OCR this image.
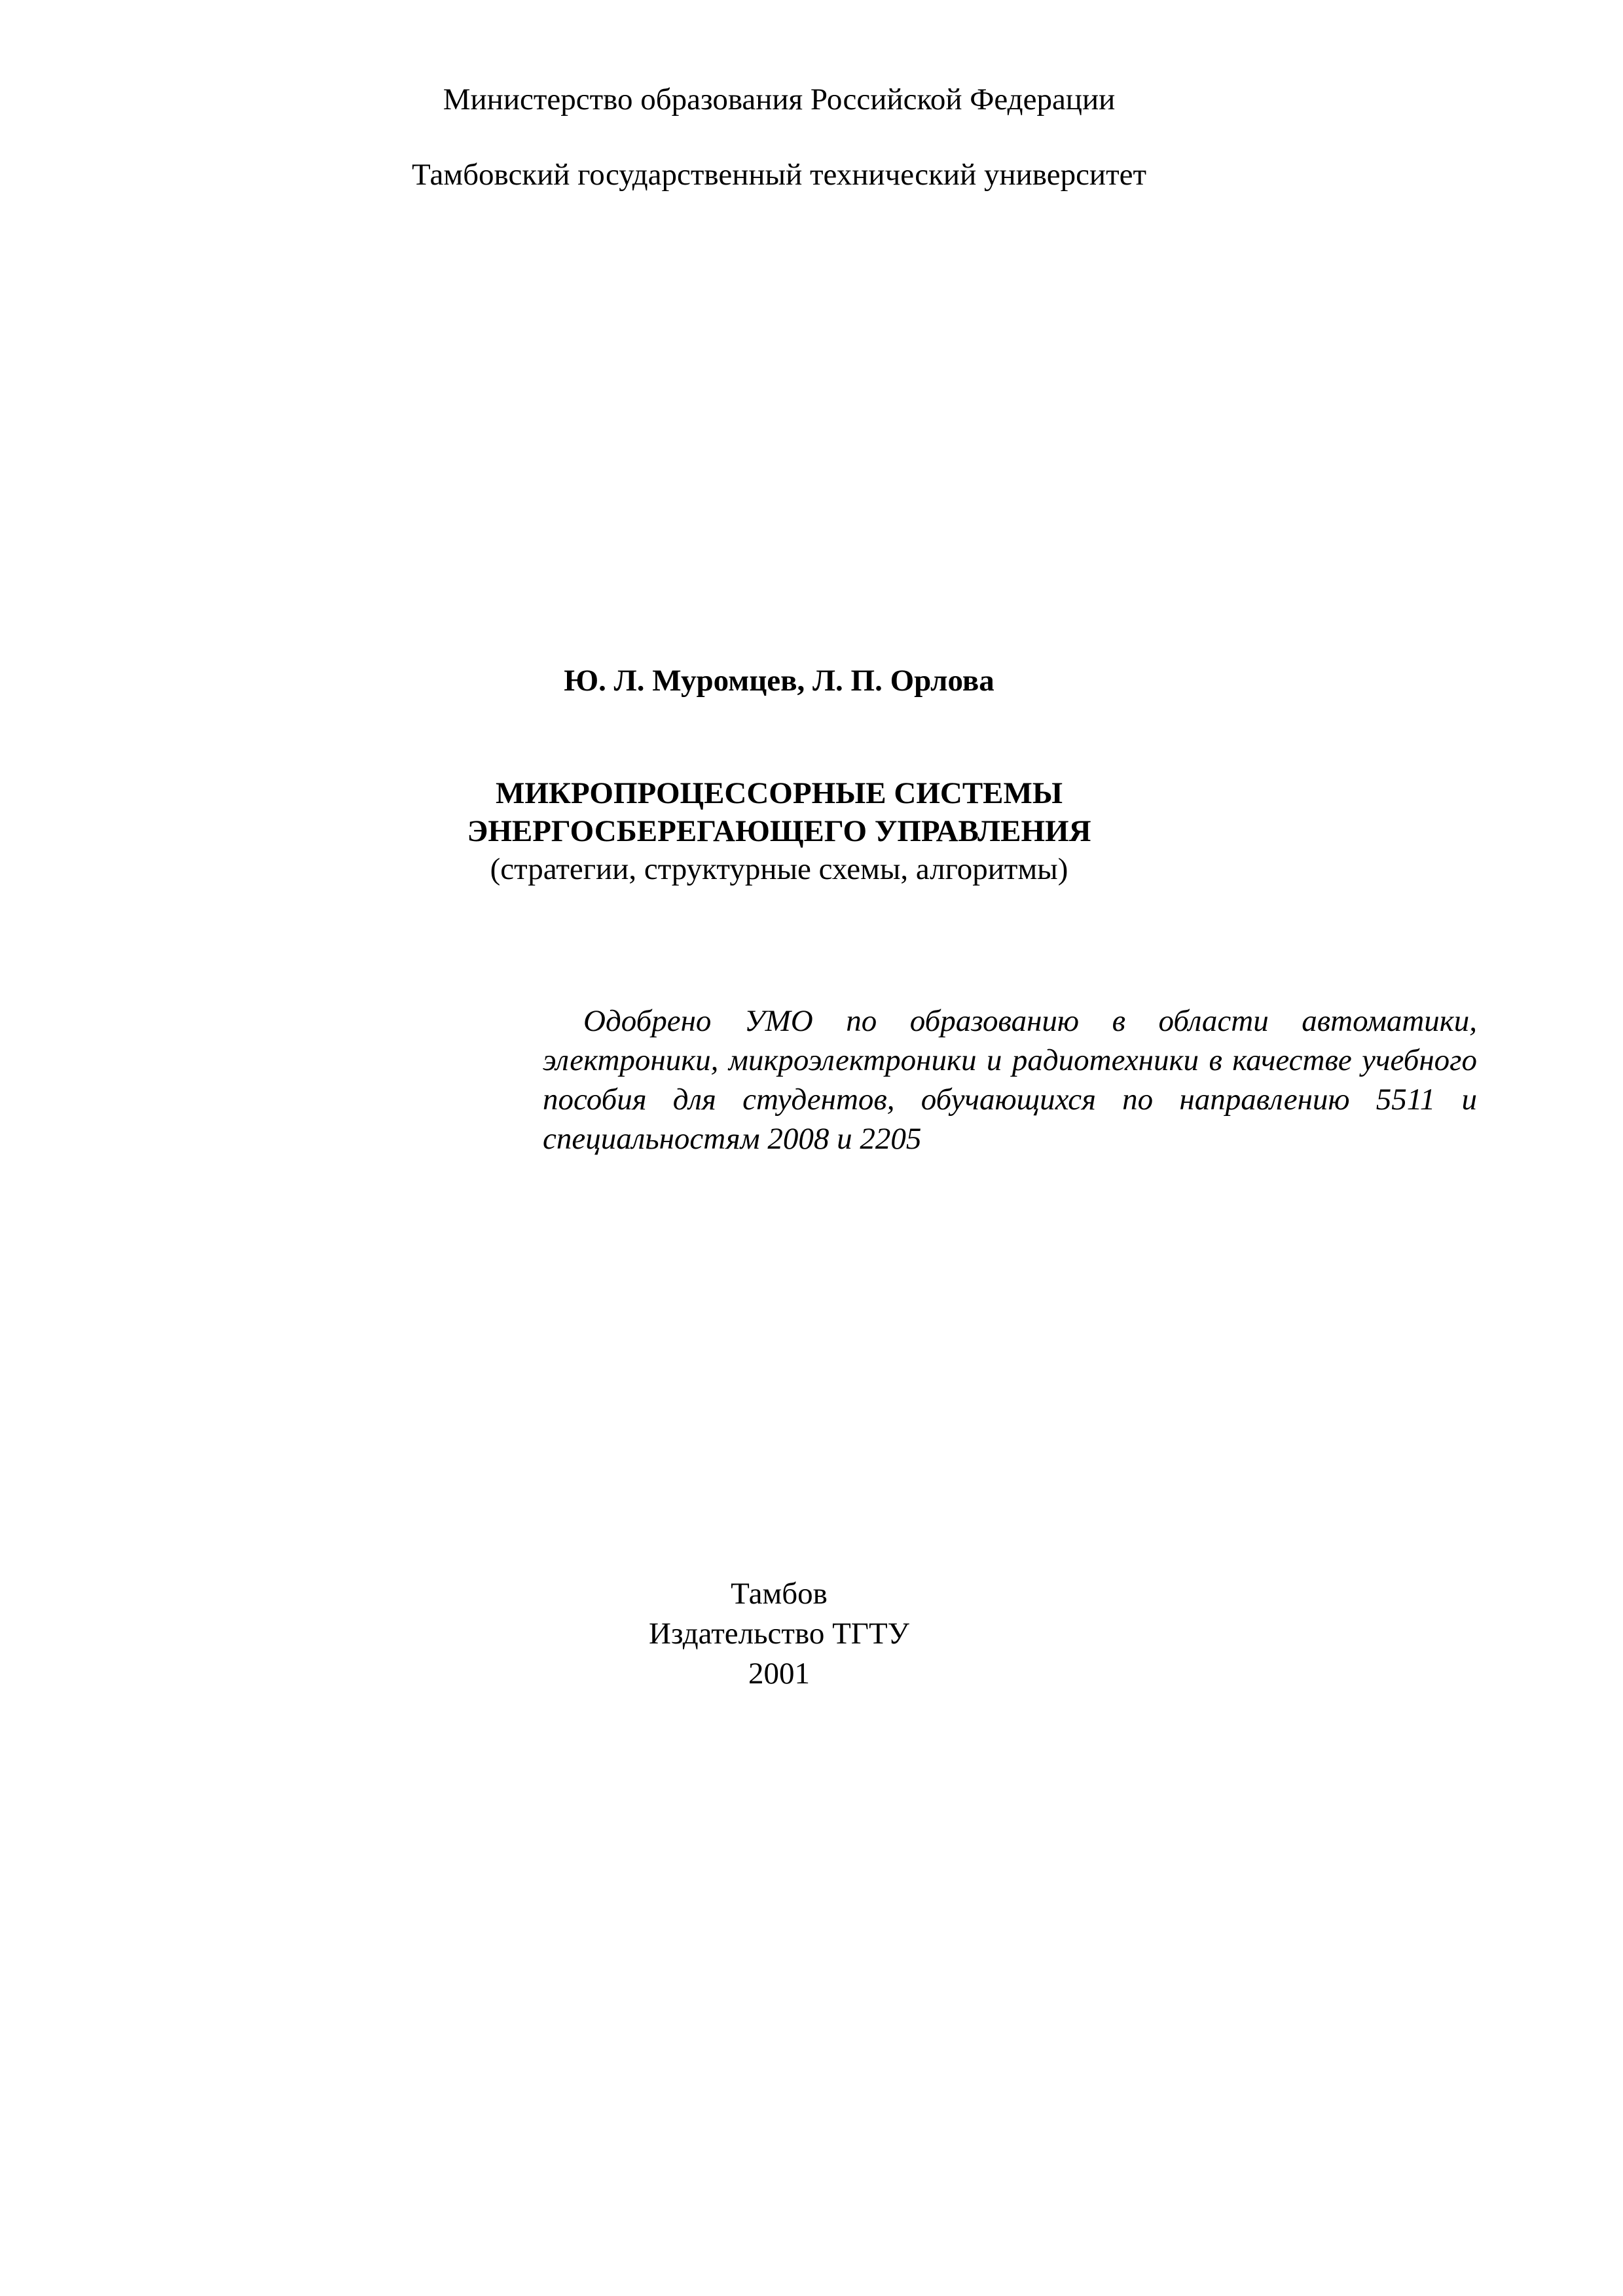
Министерство образования Российской Федерации

Тамбовский государственный технический университет

Ю. Л. Муромцев, Л. П. Орлова

МИКРОПРОЦЕССОРНЫЕ СИСТЕМЫ

ЭНЕРГОСБЕРЕГАЮЩЕГО УПРАВЛЕНИЯ

(стратегии, структурные схемы, алгоритмы)

Одобрено УМО по образованию в области автоматики, электроники, микроэлектроники и радиотехники в качестве учебного пособия для студентов, обучающихся по направлению 5511 и специальностям 2008 и 2205

Тамбов

Издательство ТГТУ

2001
